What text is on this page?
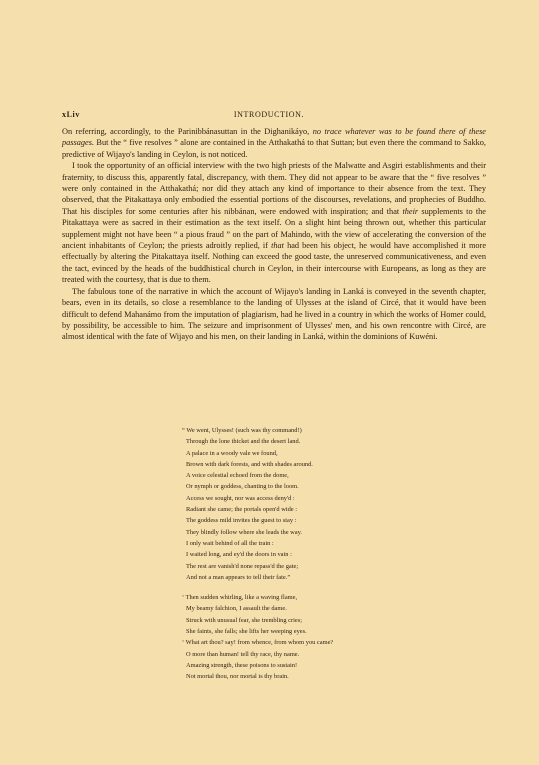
xLiv	INTRODUCTION.

On referring, accordingly, to the Parinibbánasuttan in the Dighanikáyo, no trace whatever was to be found there of these passages. But the “ five resolves ” alone are contained in the Atthakathá to that Suttan; but even there the command to Sakko, predictive of Wijayo's landing in Ceylon, is not noticed.

I took the opportunity of an official interview with the two high priests of the Malwatte and Asgiri establishments and their fraternity, to discuss this, apparently fatal, discrepancy, with them. They did not appear to be aware that the “ five resolves ” were only contained in the Atthakathá; nor did they attach any kind of importance to their absence from the text. They observed, that the Pitakattaya only embodied the essential portions of the discourses, revelations, and prophecies of Buddho. That his disciples for some centuries after his nibbánan, were endowed with inspiration; and that their supplements to the Pitakattaya were as sacred in their estimation as the text itself. On a slight hint being thrown out, whether this particular supplement might not have been “ a pious fraud ” on the part of Mahindo, with the view of accelerating the conversion of the ancient inhabitants of Ceylon; the priests adroitly replied, if that had been his object, he would have accomplished it more effectually by altering the Pitakattaya itself. Nothing can exceed the good taste, the unreserved communicativeness, and even the tact, evinced by the heads of the buddhistical church in Ceylon, in their intercourse with Europeans, as long as they are treated with the courtesy, that is due to them.

The fabulous tone of the narrative in which the account of Wijayo's landing in Lanká is conveyed in the seventh chapter, bears, even in its details, so close a resemblance to the landing of Ulysses at the island of Circé, that it would have been difficult to defend Mahanámo from the imputation of plagiarism, had he lived in a country in which the works of Homer could, by possibility, be accessible to him. The seizure and imprisonment of Ulysses' men, and his own rencontre with Circé, are almost identical with the fate of Wijayo and his men, on their landing in Lanká, within the dominions of Kuwéni.

“ We went, Ulysses! (such was thy command!)
Through the lone thicket and the desert land.
A palace in a woody vale we found,
Brown with dark forests, and with shades around.
A voice celestial echoed from the dome,
Or nymph or goddess, chanting to the loom.
Access we sought, nor was access deny'd :
Radiant she came; the portals open'd wide :
The goddess mild invites the guest to stay :
They blindly follow where she leads the way.
I only wait behind of all the train :
I waited long, and ey'd the doors in vain :
The rest are vanish'd none repass'd the gate;
And not a man appears to tell their fate.”
‘ Then sudden whirling, like a waving flame,
My beamy falchion, I assault the dame.
Struck with unusual fear, she trembling cries;
She faints, she falls; she lifts her weeping eyes.
‘ What art thou? say! from whence, from whom you came?
O more than human! tell thy race, thy name.
Amazing strength, these poisons to sustain!
Not mortal thou, nor mortal is thy brain.
